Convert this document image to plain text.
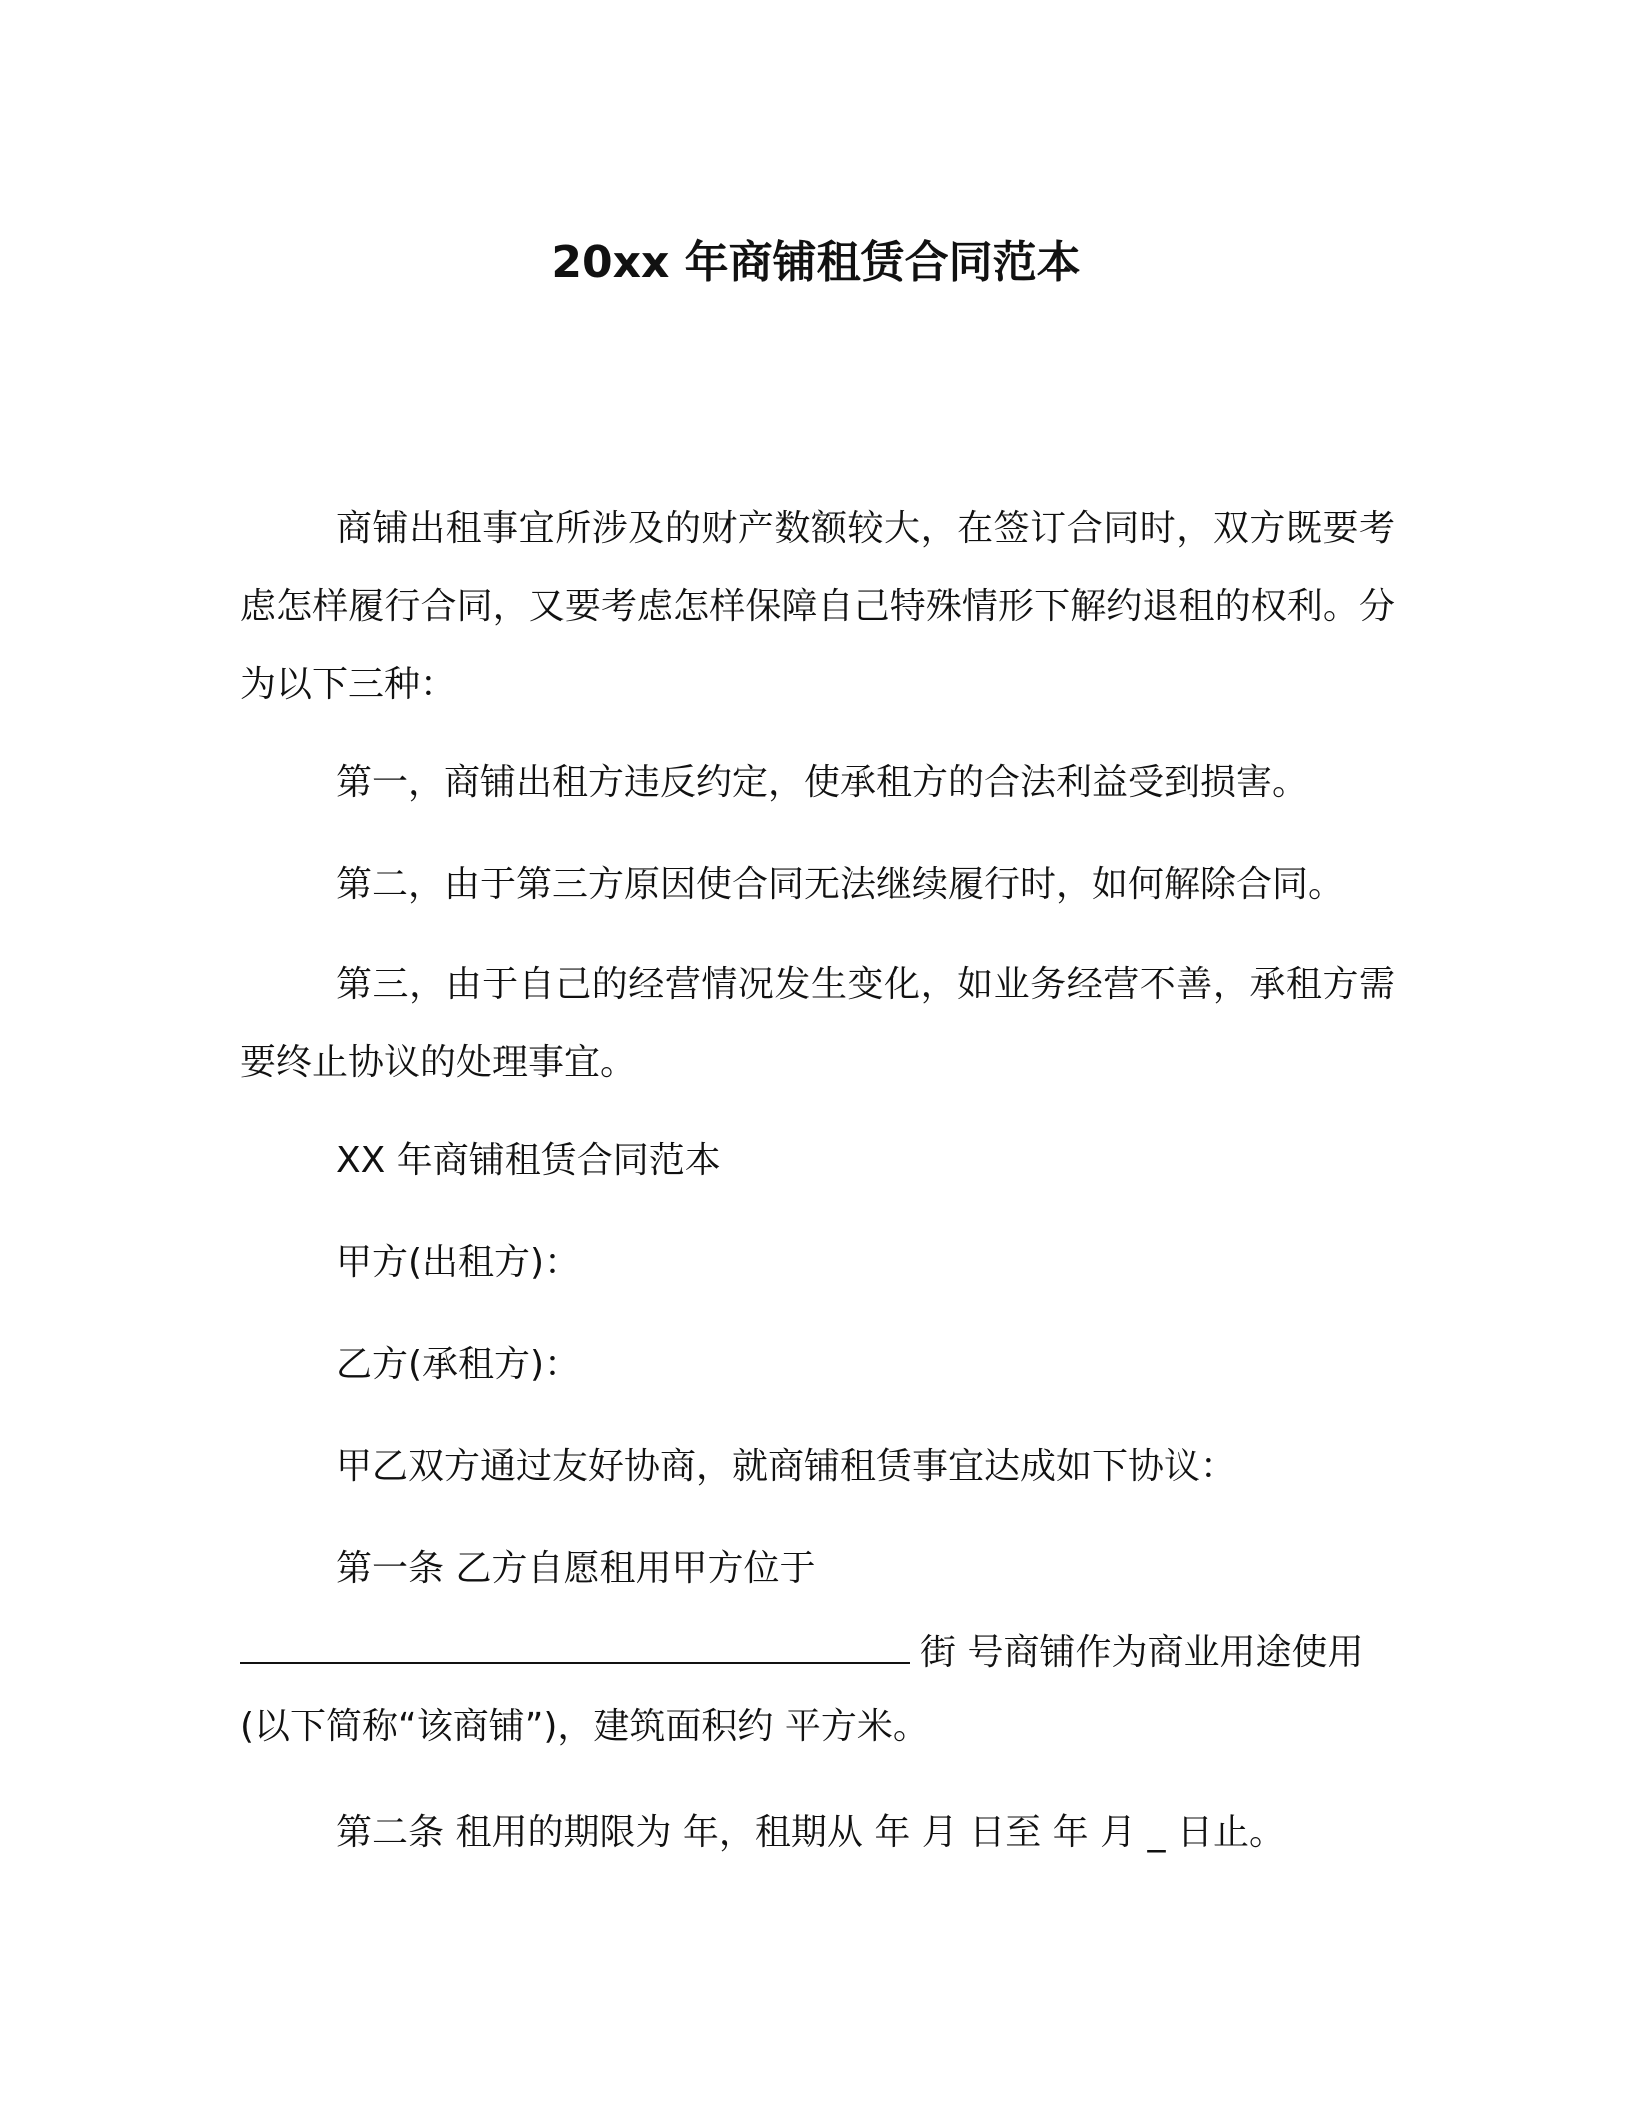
20xx 年商铺租赁合同范本

商铺出租事宜所涉及的财产数额较大，在签订合同时，双方既要考虑怎样履行合同，又要考虑怎样保障自己特殊情形下解约退租的权利。分为以下三种：

第一，商铺出租方违反约定，使承租方的合法利益受到损害。

第二，由于第三方原因使合同无法继续履行时，如何解除合同。

第三，由于自己的经营情况发生变化，如业务经营不善，承租方需要终止协议的处理事宜。

XX 年商铺租赁合同范本

甲方(出租方)：

乙方(承租方)：

甲乙双方通过友好协商，就商铺租赁事宜达成如下协议：

第一条 乙方自愿租用甲方位于

街 号商铺作为商业用途使用

(以下简称“该商铺”)，建筑面积约 平方米。

第二条 租用的期限为 年，租期从 年 月 日至 年 月 _ 日止。
